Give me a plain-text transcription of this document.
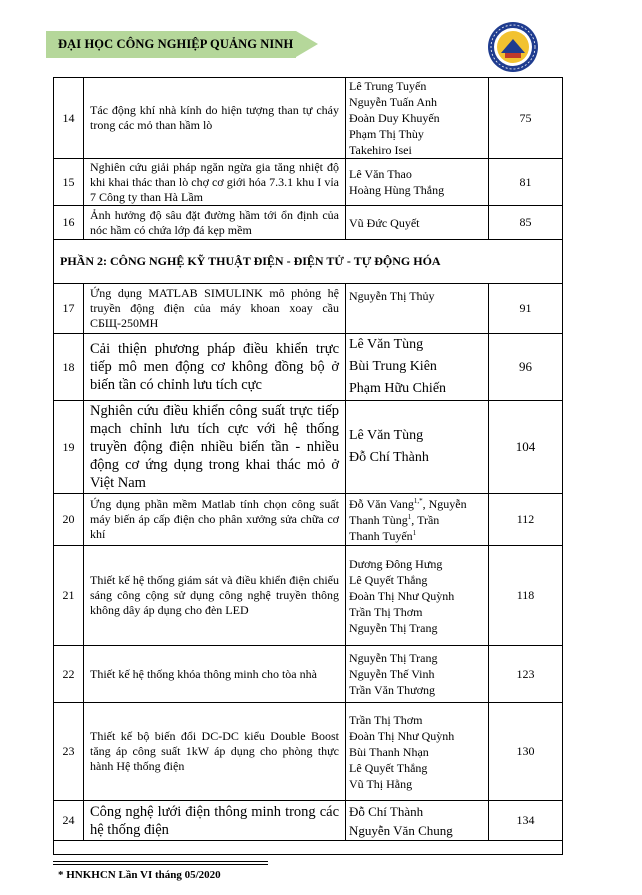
ĐẠI HỌC CÔNG NGHIỆP QUẢNG NINH
14	Tác động khí nhà kính do hiện tượng than tự cháy trong các mỏ than hầm lò	Lê Trung Tuyến
Nguyễn Tuấn Anh
Đoàn Duy Khuyến
Phạm Thị Thùy
Takehiro Isei	75
15	Nghiên cứu giải pháp ngăn ngừa gia tăng nhiệt độ khi khai thác than lò chợ cơ giới hóa 7.3.1 khu I vỉa 7 Công ty than Hà Lầm	Lê Văn Thao
Hoàng Hùng Thắng	81
16	Ảnh hưởng độ sâu đặt đường hầm tới ổn định của nóc hầm có chứa lớp đá kẹp mềm	Vũ Đức Quyết	85
PHẦN 2: CÔNG NGHỆ KỸ THUẬT ĐIỆN - ĐIỆN TỬ - TỰ ĐỘNG HÓA			
17	Ứng dụng MATLAB SIMULINK mô phỏng hệ truyền động điện của máy khoan xoay cầu СБЩ-250МН	Nguyễn Thị Thủy	91
18	Cải thiện phương pháp điều khiển trực tiếp mô men động cơ không đồng bộ ở biến tần có chỉnh lưu tích cực	Lê Văn Tùng
Bùi Trung Kiên
Phạm Hữu Chiến	96
19	Nghiên cứu điều khiển công suất trực tiếp mạch chỉnh lưu tích cực với hệ thống truyền động điện nhiều biến tần - nhiều động cơ ứng dụng trong khai thác mỏ ở Việt Nam	Lê Văn Tùng
Đỗ Chí Thành	104
20	Ứng dụng phần mềm Matlab tính chọn công suất máy biến áp cấp điện cho phân xưởng sửa chữa cơ khí	Đỗ Văn Vang$^{1,*}$, Nguyễn
Thanh Tùng$^1$, Trần
Thanh Tuyến$^1$	112
21	Thiết kế hệ thống giám sát và điều khiển điện chiếu sáng công cộng sử dụng công nghệ truyền thông không dây áp dụng cho đèn LED	Dương Đông Hưng
Lê Quyết Thắng
Đoàn Thị Như Quỳnh
Trần Thị Thơm
Nguyễn Thị Trang	118
22	Thiết kế hệ thống khóa thông minh cho tòa nhà	Nguyễn Thị Trang
Nguyễn Thế Vinh
Trần Văn Thương	123
23	Thiết kế bộ biến đổi DC-DC kiểu Double Boost tăng áp công suất 1kW áp dụng cho phòng thực hành Hệ thống điện	Trần Thị Thơm
Đoàn Thị Như Quỳnh
Bùi Thanh Nhạn
Lê Quyết Thắng
Vũ Thị Hằng	130
24	Công nghệ lưới điện thông minh trong các hệ thống điện	Đỗ Chí Thành
Nguyễn Văn Chung	134

* HNKHCN Lần VI tháng 05/2020
